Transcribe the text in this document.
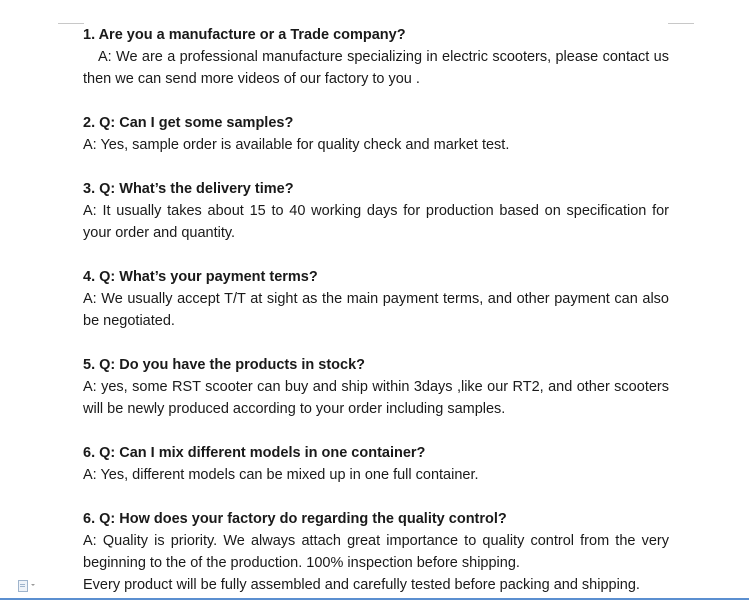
1. Are you a manufacture or a Trade company?

A: We are a professional manufacture specializing in electric scooters, please contact us then we can send more videos of our factory to you .

2. Q: Can I get some samples?

A: Yes, sample order is available for quality check and market test.

3. Q: What’s the delivery time?

A: It usually takes about 15 to 40 working days for production based on specification for your order and quantity.

4. Q: What’s your payment terms?

A: We usually accept T/T at sight as the main payment terms, and other payment can also be negotiated.

5. Q: Do you have the products in stock?

A: yes, some RST scooter can buy and ship within 3days ,like our RT2, and other scooters will be newly produced according to your order including samples.

6. Q: Can I mix different models in one container?

A: Yes, different models can be mixed up in one full container.

6. Q: How does your factory do regarding the quality control?

A: Quality is priority. We always attach great importance to quality control from the very beginning to the of the production. 100% inspection before shipping.

Every product will be fully assembled and carefully tested before packing and shipping.
